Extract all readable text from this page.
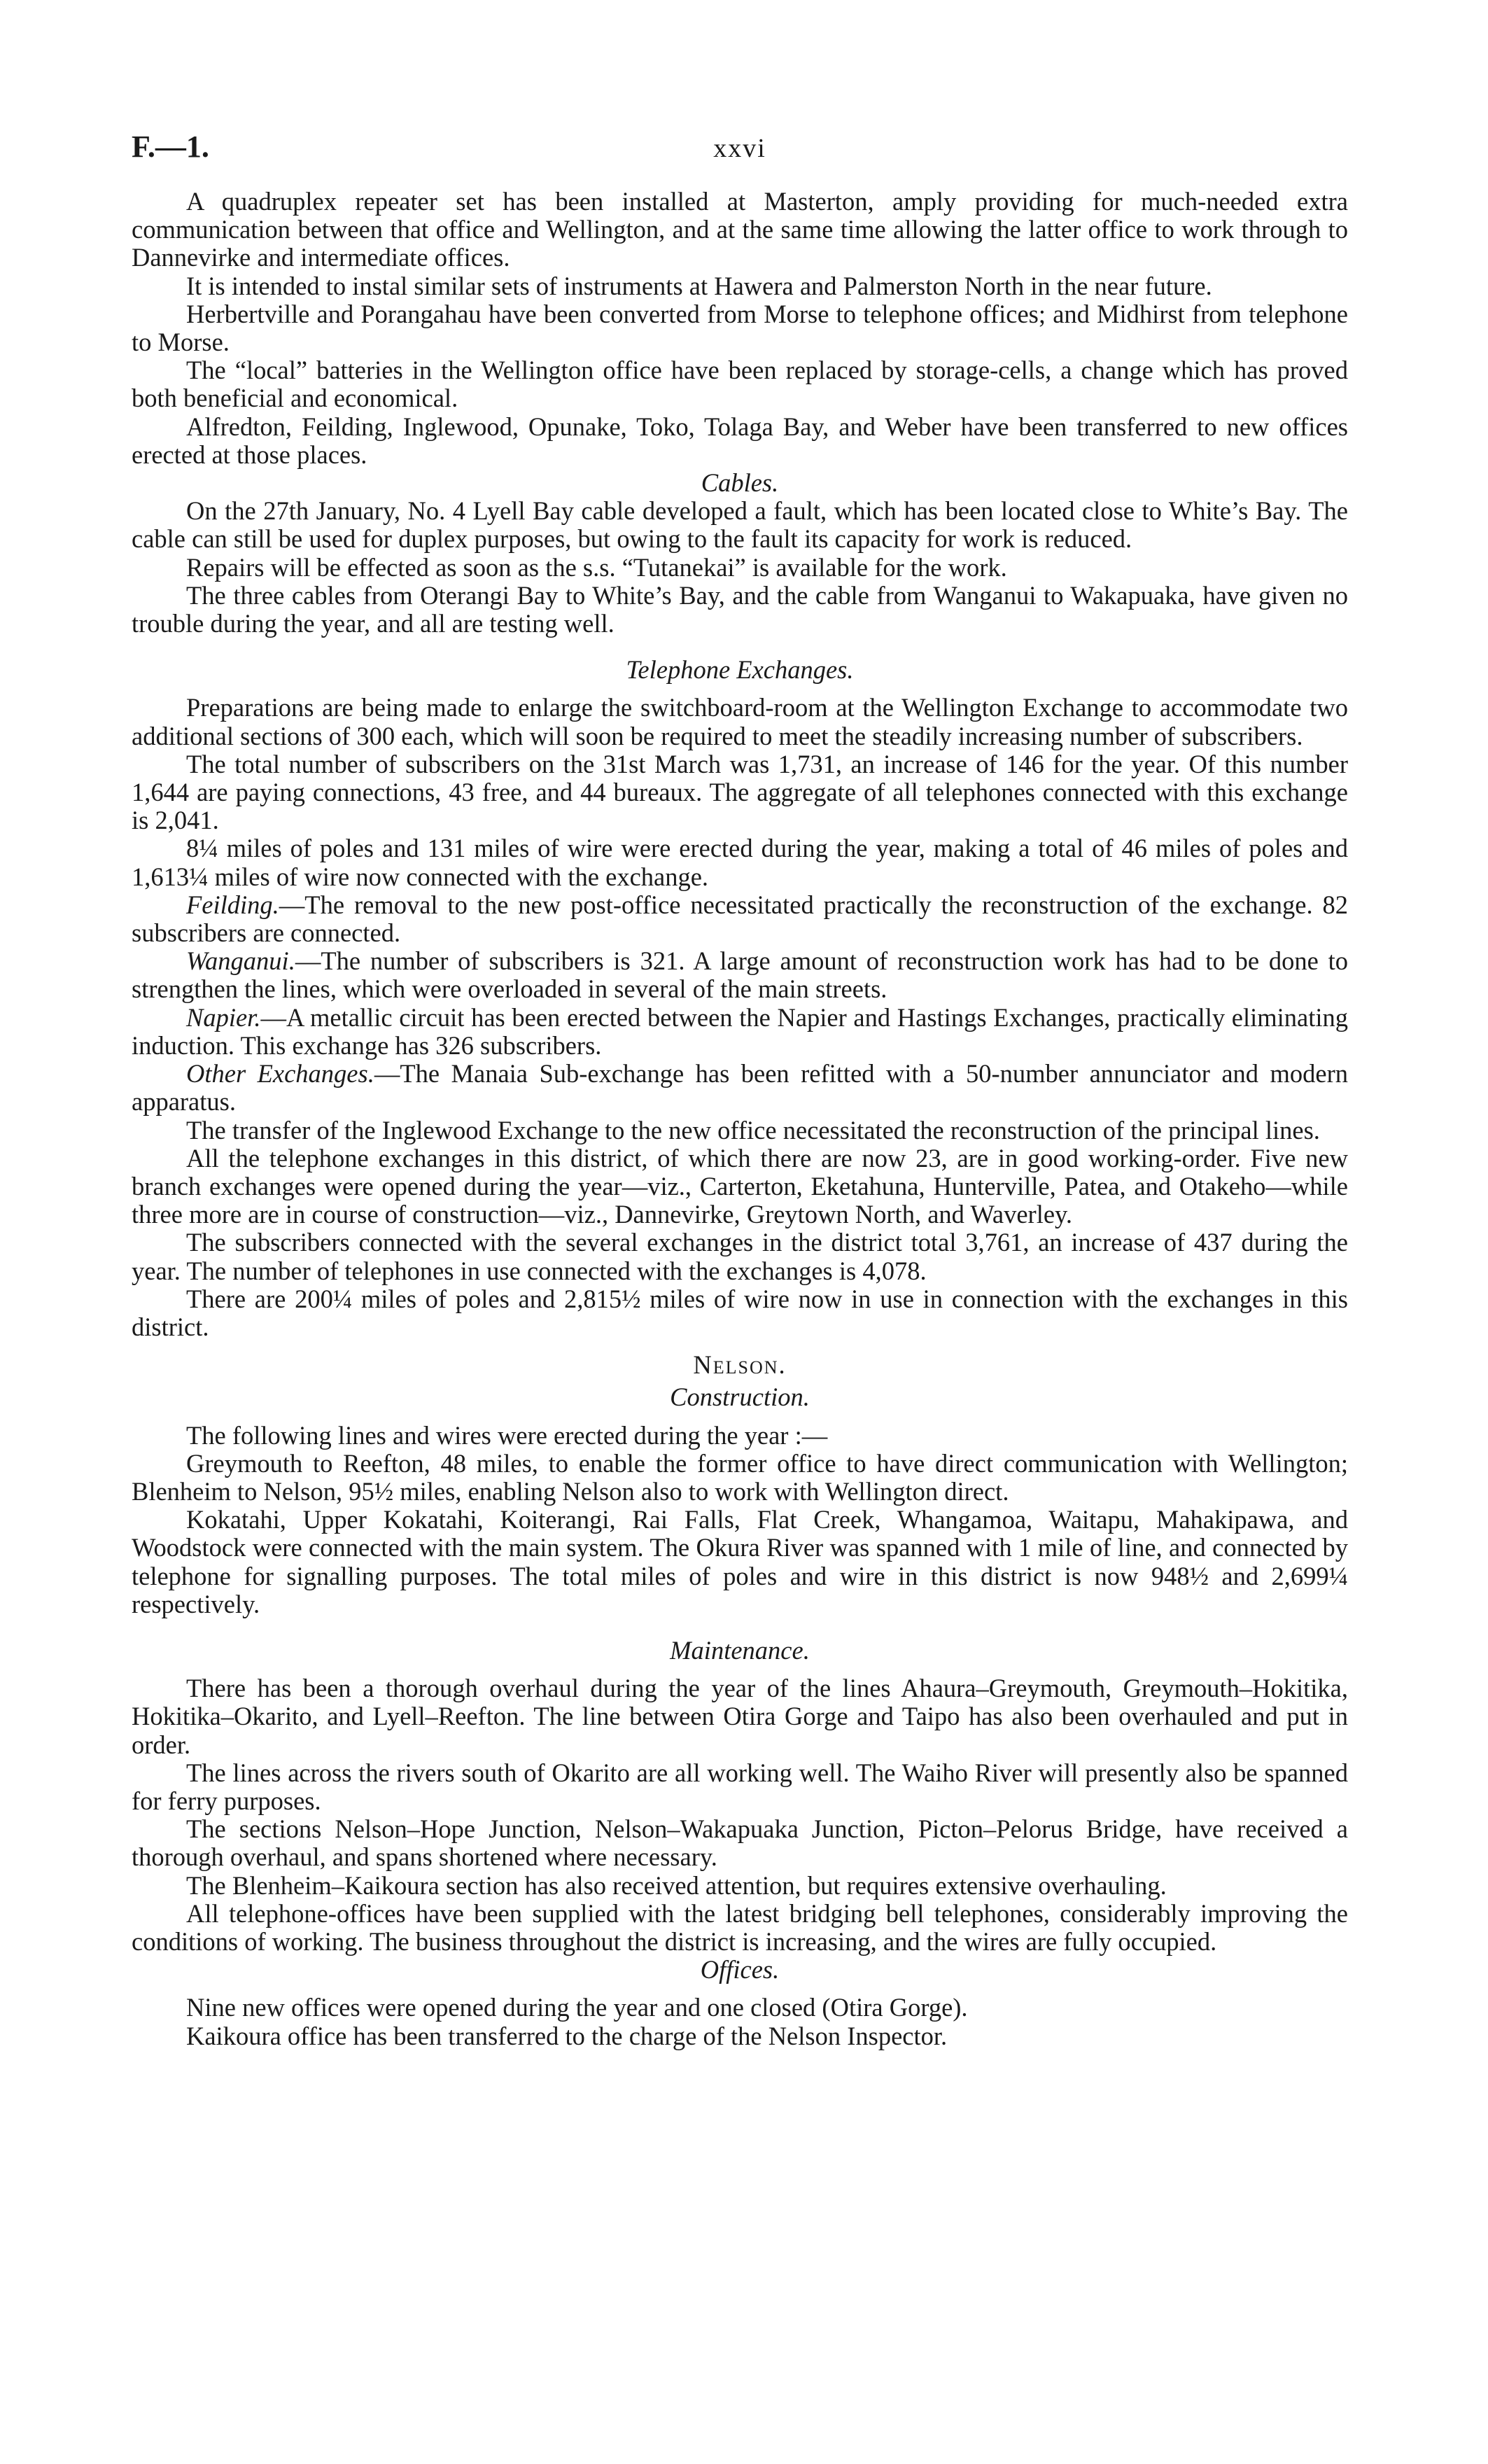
F.—1.	xxvi

A quadruplex repeater set has been installed at Masterton, amply providing for much-needed extra communication between that office and Wellington, and at the same time allowing the latter office to work through to Dannevirke and intermediate offices.

It is intended to instal similar sets of instruments at Hawera and Palmerston North in the near future.

Herbertville and Porangahau have been converted from Morse to telephone offices; and Midhirst from telephone to Morse.

The “local” batteries in the Wellington office have been replaced by storage-cells, a change which has proved both beneficial and economical.

Alfredton, Feilding, Inglewood, Opunake, Toko, Tolaga Bay, and Weber have been transferred to new offices erected at those places.

Cables.

On the 27th January, No. 4 Lyell Bay cable developed a fault, which has been located close to White’s Bay. The cable can still be used for duplex purposes, but owing to the fault its capacity for work is reduced.

Repairs will be effected as soon as the s.s. “Tutanekai” is available for the work.

The three cables from Oterangi Bay to White’s Bay, and the cable from Wanganui to Wakapuaka, have given no trouble during the year, and all are testing well.

Telephone Exchanges.

Preparations are being made to enlarge the switchboard-room at the Wellington Exchange to accommodate two additional sections of 300 each, which will soon be required to meet the steadily increasing number of subscribers.

The total number of subscribers on the 31st March was 1,731, an increase of 146 for the year. Of this number 1,644 are paying connections, 43 free, and 44 bureaux. The aggregate of all telephones connected with this exchange is 2,041.

8¼ miles of poles and 131 miles of wire were erected during the year, making a total of 46 miles of poles and 1,613¼ miles of wire now connected with the exchange.

Feilding.—The removal to the new post-office necessitated practically the reconstruction of the exchange. 82 subscribers are connected.

Wanganui.—The number of subscribers is 321. A large amount of reconstruction work has had to be done to strengthen the lines, which were overloaded in several of the main streets.

Napier.—A metallic circuit has been erected between the Napier and Hastings Exchanges, practically eliminating induction. This exchange has 326 subscribers.

Other Exchanges.—The Manaia Sub-exchange has been refitted with a 50-number annunciator and modern apparatus.

The transfer of the Inglewood Exchange to the new office necessitated the reconstruction of the principal lines.

All the telephone exchanges in this district, of which there are now 23, are in good working-order. Five new branch exchanges were opened during the year—viz., Carterton, Eketahuna, Hunterville, Patea, and Otakeho—while three more are in course of construction—viz., Dannevirke, Greytown North, and Waverley.

The subscribers connected with the several exchanges in the district total 3,761, an increase of 437 during the year. The number of telephones in use connected with the exchanges is 4,078.

There are 200¼ miles of poles and 2,815½ miles of wire now in use in connection with the exchanges in this district.

Nelson.
Construction.

The following lines and wires were erected during the year :—

Greymouth to Reefton, 48 miles, to enable the former office to have direct communication with Wellington; Blenheim to Nelson, 95½ miles, enabling Nelson also to work with Wellington direct.

Kokatahi, Upper Kokatahi, Koiterangi, Rai Falls, Flat Creek, Whangamoa, Waitapu, Mahakipawa, and Woodstock were connected with the main system. The Okura River was spanned with 1 mile of line, and connected by telephone for signalling purposes. The total miles of poles and wire in this district is now 948½ and 2,699¼ respectively.

Maintenance.

There has been a thorough overhaul during the year of the lines Ahaura–Greymouth, Greymouth–Hokitika, Hokitika–Okarito, and Lyell–Reefton. The line between Otira Gorge and Taipo has also been overhauled and put in order.

The lines across the rivers south of Okarito are all working well. The Waiho River will presently also be spanned for ferry purposes.

The sections Nelson–Hope Junction, Nelson–Wakapuaka Junction, Picton–Pelorus Bridge, have received a thorough overhaul, and spans shortened where necessary.

The Blenheim–Kaikoura section has also received attention, but requires extensive overhauling.

All telephone-offices have been supplied with the latest bridging bell telephones, considerably improving the conditions of working. The business throughout the district is increasing, and the wires are fully occupied.

Offices.

Nine new offices were opened during the year and one closed (Otira Gorge).

Kaikoura office has been transferred to the charge of the Nelson Inspector.
